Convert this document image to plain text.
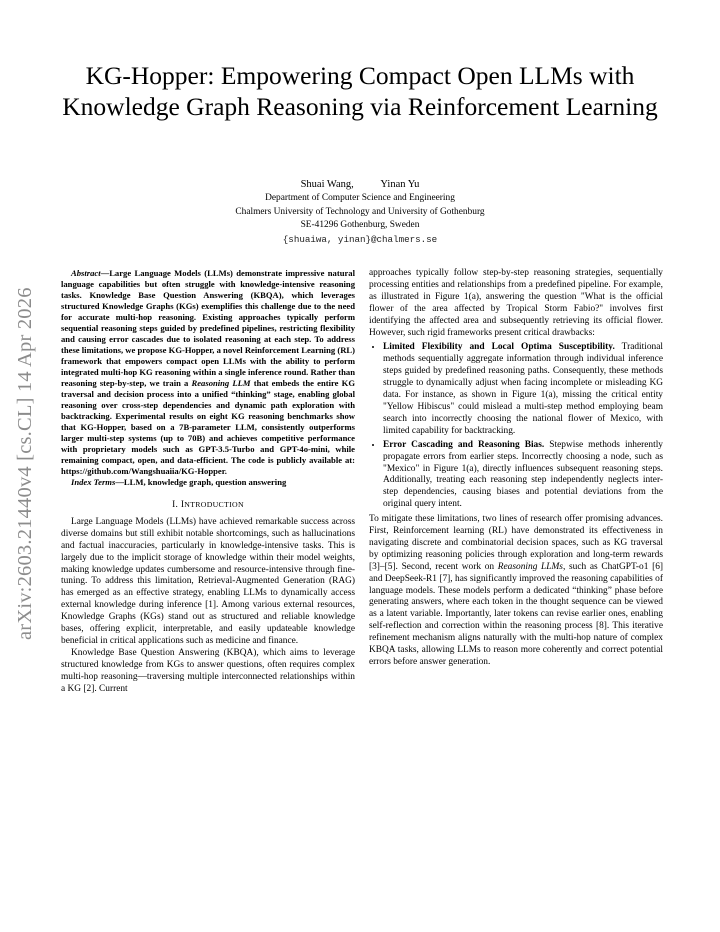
KG-Hopper: Empowering Compact Open LLMs with Knowledge Graph Reasoning via Reinforcement Learning
Shuai Wang,	Yinan Yu
Department of Computer Science and Engineering
Chalmers University of Technology and University of Gothenburg
SE-41296 Gothenburg, Sweden
{shuaiwa, yinan}@chalmers.se
arXiv:2603.21440v4 [cs.CL] 14 Apr 2026

Abstract—Large Language Models (LLMs) demonstrate impressive natural language capabilities but often struggle with knowledge-intensive reasoning tasks. Knowledge Base Question Answering (KBQA), which leverages structured Knowledge Graphs (KGs) exemplifies this challenge due to the need for accurate multi-hop reasoning. Existing approaches typically perform sequential reasoning steps guided by predefined pipelines, restricting flexibility and causing error cascades due to isolated reasoning at each step. To address these limitations, we propose KG-Hopper, a novel Reinforcement Learning (RL) framework that empowers compact open LLMs with the ability to perform integrated multi-hop KG reasoning within a single inference round. Rather than reasoning step-by-step, we train a Reasoning LLM that embeds the entire KG traversal and decision process into a unified “thinking” stage, enabling global reasoning over cross-step dependencies and dynamic path exploration with backtracking. Experimental results on eight KG reasoning benchmarks show that KG-Hopper, based on a 7B-parameter LLM, consistently outperforms larger multi-step systems (up to 70B) and achieves competitive performance with proprietary models such as GPT-3.5-Turbo and GPT-4o-mini, while remaining compact, open, and data-efficient. The code is publicly available at: https://github.com/Wangshuaiia/KG-Hopper.

Index Terms—LLM, knowledge graph, question answering

I. INTRODUCTION

Large Language Models (LLMs) have achieved remarkable success across diverse domains but still exhibit notable shortcomings, such as hallucinations and factual inaccuracies, particularly in knowledge-intensive tasks. This is largely due to the implicit storage of knowledge within their model weights, making knowledge updates cumbersome and resource-intensive through fine-tuning. To address this limitation, Retrieval-Augmented Generation (RAG) has emerged as an effective strategy, enabling LLMs to dynamically access external knowledge during inference [1]. Among various external resources, Knowledge Graphs (KGs) stand out as structured and reliable knowledge bases, offering explicit, interpretable, and easily updateable knowledge beneficial in critical applications such as medicine and finance.

Knowledge Base Question Answering (KBQA), which aims to leverage structured knowledge from KGs to answer questions, often requires complex multi-hop reasoning—traversing multiple interconnected relationships within a KG [2]. Current

approaches typically follow step-by-step reasoning strategies, sequentially processing entities and relationships from a predefined pipeline. For example, as illustrated in Figure 1(a), answering the question "What is the official flower of the area affected by Tropical Storm Fabio?" involves first identifying the affected area and subsequently retrieving its official flower. However, such rigid frameworks present critical drawbacks:

• Limited Flexibility and Local Optima Susceptibility. Traditional methods sequentially aggregate information through individual inference steps guided by predefined reasoning paths. Consequently, these methods struggle to dynamically adjust when facing incomplete or misleading KG data. For instance, as shown in Figure 1(a), missing the critical entity "Yellow Hibiscus" could mislead a multi-step method employing beam search into incorrectly choosing the national flower of Mexico, with limited capability for backtracking.
• Error Cascading and Reasoning Bias. Stepwise methods inherently propagate errors from earlier steps. Incorrectly choosing a node, such as "Mexico" in Figure 1(a), directly influences subsequent reasoning steps. Additionally, treating each reasoning step independently neglects inter-step dependencies, causing biases and potential deviations from the original query intent.

To mitigate these limitations, two lines of research offer promising advances. First, Reinforcement learning (RL) have demonstrated its effectiveness in navigating discrete and combinatorial decision spaces, such as KG traversal by optimizing reasoning policies through exploration and long-term rewards [3]–[5]. Second, recent work on Reasoning LLMs, such as ChatGPT-o1 [6] and DeepSeek-R1 [7], has significantly improved the reasoning capabilities of language models. These models perform a dedicated “thinking” phase before generating answers, where each token in the thought sequence can be viewed as a latent variable. Importantly, later tokens can revise earlier ones, enabling self-reflection and correction within the reasoning process [8]. This iterative refinement mechanism aligns naturally with the multi-hop nature of complex KBQA tasks, allowing LLMs to reason more coherently and correct potential errors before answer generation.
